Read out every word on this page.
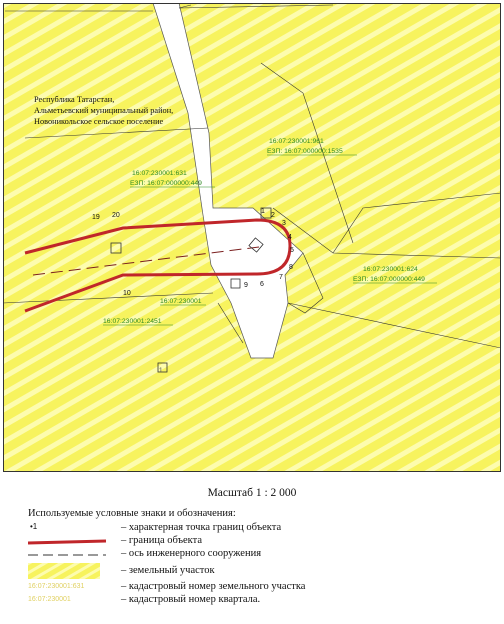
19 20
1
2
3
4
5
6
7
8
9
10
16:07:230001:961
ЕЗП: 16:07:000000:1535
16:07:230001:631
ЕЗП: 16:07:000000:449
16:07:230001:624
ЕЗП: 16:07:000000:449
16:07:230001
16:07:230001:2451
:1
Республика Татарстан,
Альметьевский муниципальный район,
Новоникольское сельское поселение
Масштаб 1 : 2 000
Используемые условные знаки и обозначения:
•1	– характерная точка границ объекта
– граница объекта
– ось инженерного сооружения
– земельный участок
16:07:230001:631	– кадастровый номер земельного участка
16:07:230001	– кадастровый номер квартала.
